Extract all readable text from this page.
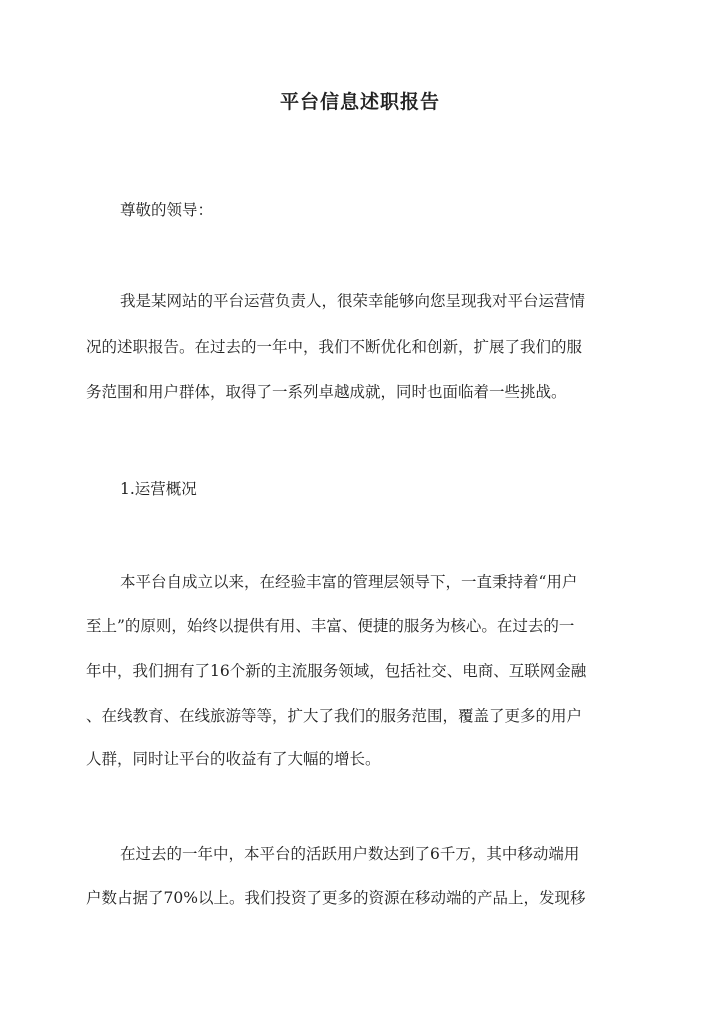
平台信息述职报告

尊敬的领导：

我是某网站的平台运营负责人，很荣幸能够向您呈现我对平台运营情

况的述职报告。在过去的一年中，我们不断优化和创新，扩展了我们的服

务范围和用户群体，取得了一系列卓越成就，同时也面临着一些挑战。

1.运营概况

本平台自成立以来，在经验丰富的管理层领导下，一直秉持着“用户

至上”的原则，始终以提供有用、丰富、便捷的服务为核心。在过去的一

年中，我们拥有了16个新的主流服务领域，包括社交、电商、互联网金融

、在线教育、在线旅游等等，扩大了我们的服务范围，覆盖了更多的用户

人群，同时让平台的收益有了大幅的增长。

在过去的一年中，本平台的活跃用户数达到了6千万，其中移动端用

户数占据了70%以上。我们投资了更多的资源在移动端的产品上，发现移
